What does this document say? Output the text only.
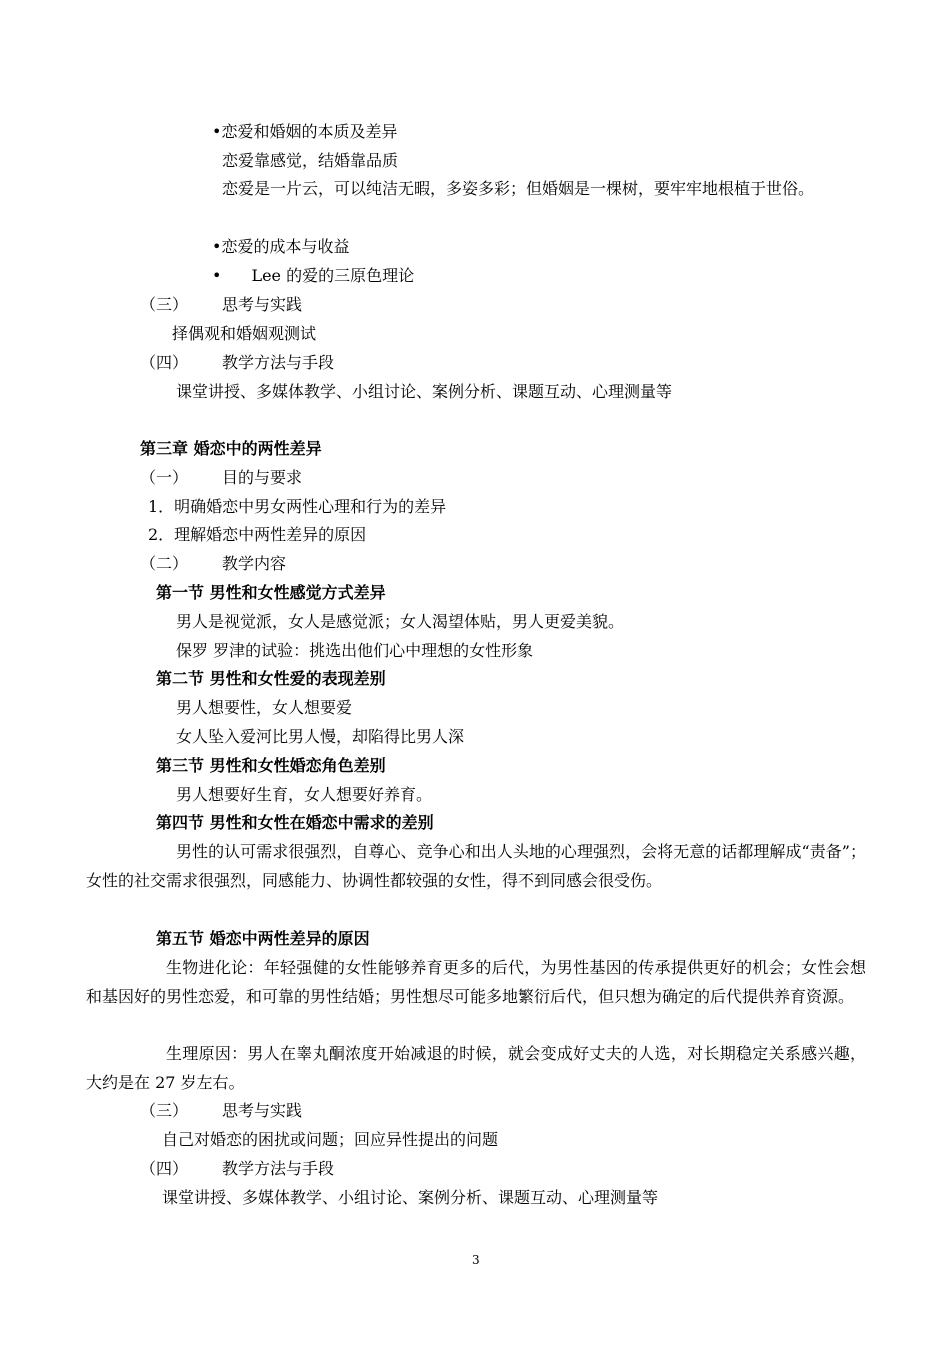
•恋爱和婚姻的本质及差异
恋爱靠感觉，结婚靠品质
恋爱是一片云，可以纯洁无暇，多姿多彩；但婚姻是一棵树，要牢牢地根植于世俗。
•恋爱的成本与收益
• Lee 的爱的三原色理论
（三） 思考与实践
择偶观和婚姻观测试
（四） 教学方法与手段
课堂讲授、多媒体教学、小组讨论、案例分析、课题互动、心理测量等
第三章 婚恋中的两性差异
（一） 目的与要求
1．明确婚恋中男女两性心理和行为的差异
2．理解婚恋中两性差异的原因
（二） 教学内容
第一节 男性和女性感觉方式差异
男人是视觉派，女人是感觉派；女人渴望体贴，男人更爱美貌。
保罗 罗津的试验：挑选出他们心中理想的女性形象
第二节 男性和女性爱的表现差别
男人想要性，女人想要爱
女人坠入爱河比男人慢，却陷得比男人深
第三节 男性和女性婚恋角色差别
男人想要好生育，女人想要好养育。
第四节 男性和女性在婚恋中需求的差别
男性的认可需求很强烈，自尊心、竞争心和出人头地的心理强烈，会将无意的话都理解成“责备”；女性的社交需求很强烈，同感能力、协调性都较强的女性，得不到同感会很受伤。
第五节 婚恋中两性差异的原因
生物进化论：年轻强健的女性能够养育更多的后代，为男性基因的传承提供更好的机会；女性会想和基因好的男性恋爱，和可靠的男性结婚；男性想尽可能多地繁衍后代，但只想为确定的后代提供养育资源。
生理原因：男人在睾丸酮浓度开始减退的时候，就会变成好丈夫的人选，对长期稳定关系感兴趣，大约是在 27 岁左右。
（三） 思考与实践
自己对婚恋的困扰或问题；回应异性提出的问题
（四） 教学方法与手段
课堂讲授、多媒体教学、小组讨论、案例分析、课题互动、心理测量等
3
